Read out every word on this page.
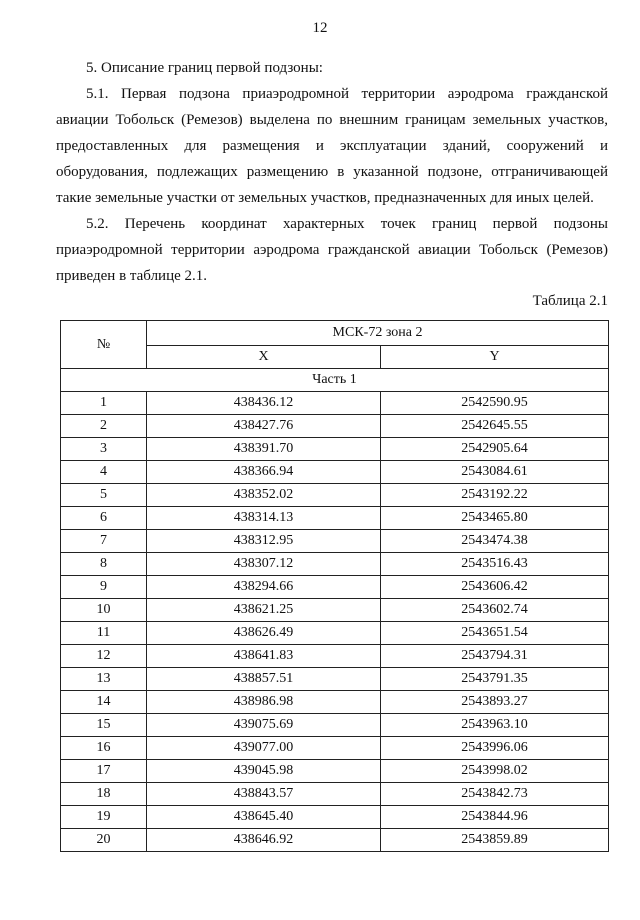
12
5. Описание границ первой подзоны:
5.1. Первая подзона приаэродромной территории аэродрома гражданской авиации Тобольск (Ремезов) выделена по внешним границам земельных участков, предоставленных для размещения и эксплуатации зданий, сооружений и оборудования, подлежащих размещению в указанной подзоне, отграничивающей такие земельные участки от земельных участков, предназначенных для иных целей.
5.2. Перечень координат характерных точек границ первой подзоны приаэродромной территории аэродрома гражданской авиации Тобольск (Ремезов) приведен в таблице 2.1.
Таблица 2.1
№	МСК-72 зона 2	
	X	Y
Часть 1		
1	438436.12	2542590.95
2	438427.76	2542645.55
3	438391.70	2542905.64
4	438366.94	2543084.61
5	438352.02	2543192.22
6	438314.13	2543465.80
7	438312.95	2543474.38
8	438307.12	2543516.43
9	438294.66	2543606.42
10	438621.25	2543602.74
11	438626.49	2543651.54
12	438641.83	2543794.31
13	438857.51	2543791.35
14	438986.98	2543893.27
15	439075.69	2543963.10
16	439077.00	2543996.06
17	439045.98	2543998.02
18	438843.57	2543842.73
19	438645.40	2543844.96
20	438646.92	2543859.89
